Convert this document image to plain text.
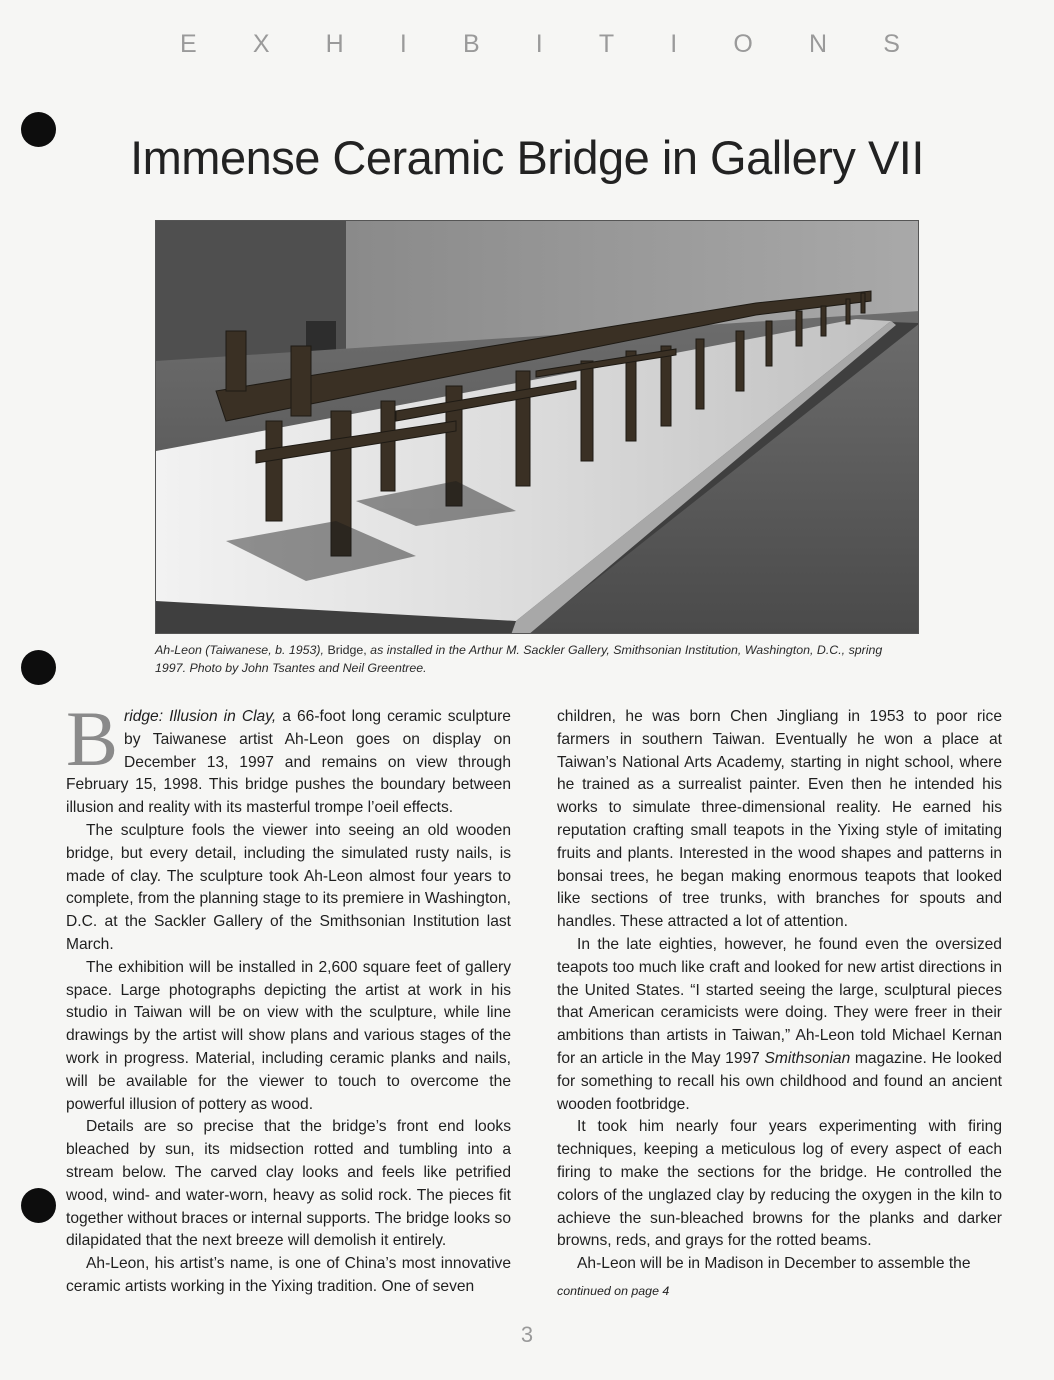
E X H I B I T I O N S
Immense Ceramic Bridge in Gallery VII
Ah-Leon (Taiwanese, b. 1953), Bridge, as installed in the Arthur M. Sackler Gallery, Smithsonian Institution, Washington, D.C., spring 1997. Photo by John Tsantes and Neil Greentree.

Bridge: Illusion in Clay, a 66-foot long ceramic sculpture by Taiwanese artist Ah-Leon goes on display on December 13, 1997 and remains on view through February 15, 1998. This bridge pushes the boundary between illusion and reality with its masterful trompe l’oeil effects.

The sculpture fools the viewer into seeing an old wooden bridge, but every detail, including the simulated rusty nails, is made of clay. The sculpture took Ah-Leon almost four years to complete, from the planning stage to its premiere in Washington, D.C. at the Sackler Gallery of the Smithsonian Institution last March.

The exhibition will be installed in 2,600 square feet of gallery space. Large photographs depicting the artist at work in his studio in Taiwan will be on view with the sculpture, while line drawings by the artist will show plans and various stages of the work in progress. Material, including ceramic planks and nails, will be available for the viewer to touch to overcome the powerful illusion of pottery as wood.

Details are so precise that the bridge’s front end looks bleached by sun, its midsection rotted and tumbling into a stream below. The carved clay looks and feels like petrified wood, wind- and water-worn, heavy as solid rock. The pieces fit together without braces or internal supports. The bridge looks so dilapidated that the next breeze will demolish it entirely.

Ah-Leon, his artist’s name, is one of China’s most innovative ceramic artists working in the Yixing tradition. One of seven

children, he was born Chen Jingliang in 1953 to poor rice farmers in southern Taiwan. Eventually he won a place at Taiwan’s National Arts Academy, starting in night school, where he trained as a surrealist painter. Even then he intended his works to simulate three-dimensional reality. He earned his reputation crafting small teapots in the Yixing style of imitating fruits and plants. Interested in the wood shapes and patterns in bonsai trees, he began making enormous teapots that looked like sections of tree trunks, with branches for spouts and handles. These attracted a lot of attention.

In the late eighties, however, he found even the oversized teapots too much like craft and looked for new artist directions in the United States. “I started seeing the large, sculptural pieces that American ceramicists were doing. They were freer in their ambitions than artists in Taiwan,” Ah-Leon told Michael Kernan for an article in the May 1997 Smithsonian magazine. He looked for something to recall his own childhood and found an ancient wooden footbridge.

It took him nearly four years experimenting with firing techniques, keeping a meticulous log of every aspect of each firing to make the sections for the bridge. He controlled the colors of the unglazed clay by reducing the oxygen in the kiln to achieve the sun-bleached browns for the planks and darker browns, reds, and grays for the rotted beams.

Ah-Leon will be in Madison in December to assemble the

continued on page 4
3
